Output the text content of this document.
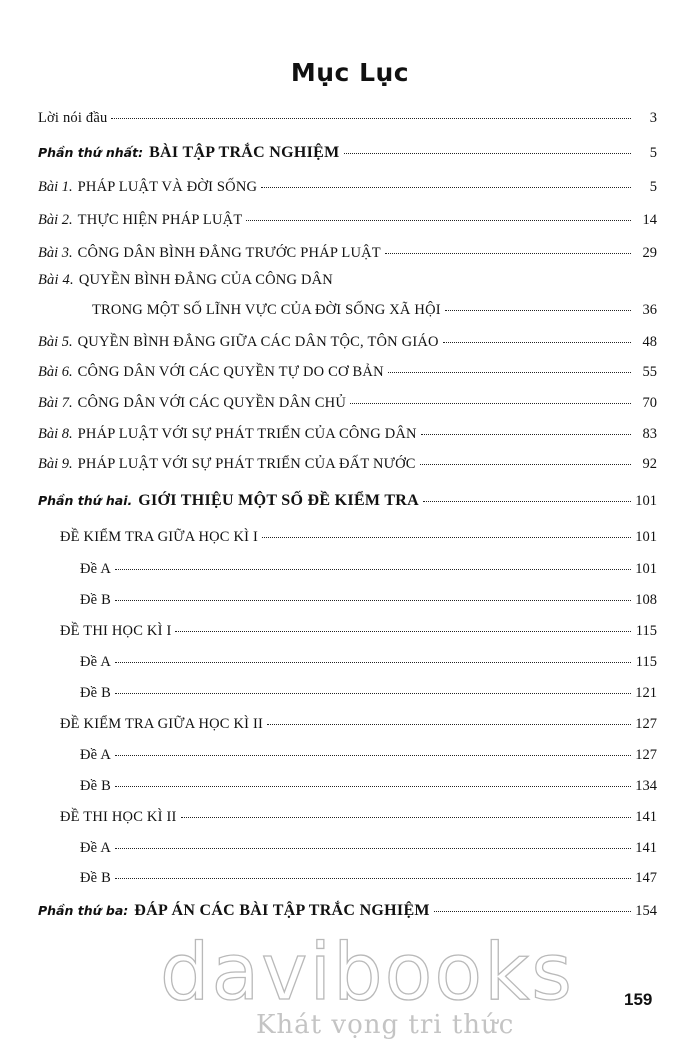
Mục Lục
Lời nói đầu	3
Phần thứ nhất: BÀI TẬP TRẮC NGHIỆM	5
Bài 1. PHÁP LUẬT VÀ ĐỜI SỐNG	5
Bài 2. THỰC HIỆN PHÁP LUẬT	14
Bài 3. CÔNG DÂN BÌNH ĐẲNG TRƯỚC PHÁP LUẬT	29
Bài 4. QUYỀN BÌNH ĐẲNG CỦA CÔNG DÂN
TRONG MỘT SỐ LĨNH VỰC CỦA ĐỜI SỐNG XÃ HỘI	36
Bài 5. QUYỀN BÌNH ĐẲNG GIỮA CÁC DÂN TỘC, TÔN GIÁO	48
Bài 6. CÔNG DÂN VỚI CÁC QUYỀN TỰ DO CƠ BẢN	55
Bài 7. CÔNG DÂN VỚI CÁC QUYỀN DÂN CHỦ	70
Bài 8. PHÁP LUẬT VỚI SỰ PHÁT TRIỂN CỦA CÔNG DÂN	83
Bài 9. PHÁP LUẬT VỚI SỰ PHÁT TRIỂN CỦA ĐẤT NƯỚC	92
Phần thứ hai. GIỚI THIỆU MỘT SỐ ĐỀ KIỂM TRA	101
ĐỀ KIỂM TRA GIỮA HỌC KÌ I	101
Đề A	101
Đề B	108
ĐỀ THI HỌC KÌ I	115
Đề A	115
Đề B	121
ĐỀ KIỂM TRA GIỮA HỌC KÌ II	127
Đề A	127
Đề B	134
ĐỀ THI HỌC KÌ II	141
Đề A	141
Đề B	147
Phần thứ ba: ĐÁP ÁN CÁC BÀI TẬP TRẮC NGHIỆM	154
davibooks	159
Khát vọng tri thức
